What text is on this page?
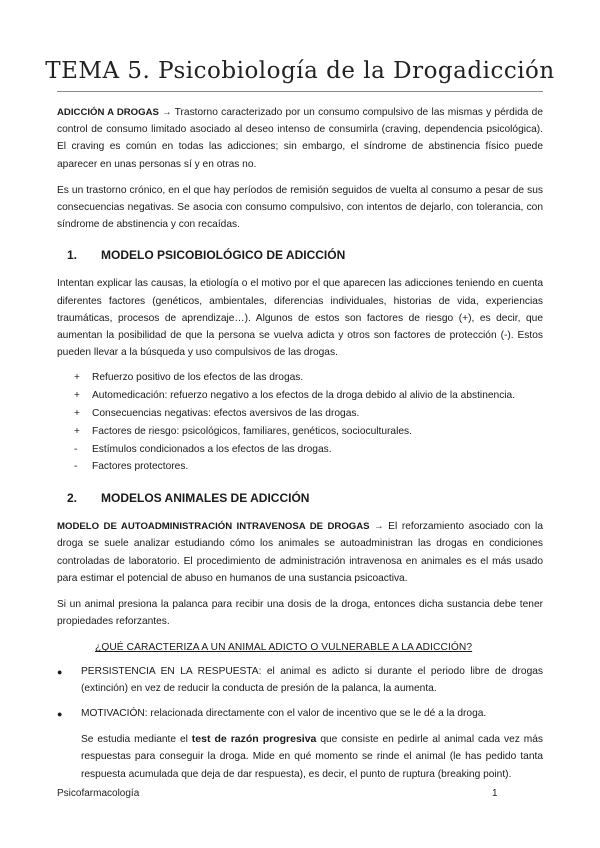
TEMA 5. Psicobiología de la Drogadicción

ADICCIÓN A DROGAS → Trastorno caracterizado por un consumo compulsivo de las mismas y pérdida de control de consumo limitado asociado al deseo intenso de consumirla (craving, dependencia psicológica). El craving es común en todas las adicciones; sin embargo, el síndrome de abstinencia físico puede aparecer en unas personas sí y en otras no.

Es un trastorno crónico, en el que hay períodos de remisión seguidos de vuelta al consumo a pesar de sus consecuencias negativas. Se asocia con consumo compulsivo, con intentos de dejarlo, con tolerancia, con síndrome de abstinencia y con recaídas.

1.	MODELO PSICOBIOLÓGICO DE ADICCIÓN

Intentan explicar las causas, la etiología o el motivo por el que aparecen las adicciones teniendo en cuenta diferentes factores (genéticos, ambientales, diferencias individuales, historias de vida, experiencias traumáticas, procesos de aprendizaje…). Algunos de estos son factores de riesgo (+), es decir, que aumentan la posibilidad de que la persona se vuelva adicta y otros son factores de protección (-). Estos pueden llevar a la búsqueda y uso compulsivos de las drogas.

+	Refuerzo positivo de los efectos de las drogas.
+	Automedicación: refuerzo negativo a los efectos de la droga debido al alivio de la abstinencia.
+	Consecuencias negativas: efectos aversivos de las drogas.
+	Factores de riesgo: psicológicos, familiares, genéticos, socioculturales.
-	Estímulos condicionados a los efectos de las drogas.
-	Factores protectores.
2.	MODELOS ANIMALES DE ADICCIÓN

MODELO DE AUTOADMINISTRACIÓN INTRAVENOSA DE DROGAS → El reforzamiento asociado con la droga se suele analizar estudiando cómo los animales se autoadministran las drogas en condiciones controladas de laboratorio. El procedimiento de administración intravenosa en animales es el más usado para estimar el potencial de abuso en humanos de una sustancia psicoactiva.

Si un animal presiona la palanca para recibir una dosis de la droga, entonces dicha sustancia debe tener propiedades reforzantes.

¿QUÉ CARACTERIZA A UN ANIMAL ADICTO O VULNERABLE A LA ADICCIÓN?

●	PERSISTENCIA EN LA RESPUESTA: el animal es adicto si durante el periodo libre de drogas (extinción) en vez de reducir la conducta de presión de la palanca, la aumenta.
●	MOTIVACIÓN: relacionada directamente con el valor de incentivo que se le dé a la droga.

Se estudia mediante el test de razón progresiva que consiste en pedirle al animal cada vez más respuestas para conseguir la droga. Mide en qué momento se rinde el animal (le has pedido tanta respuesta acumulada que deja de dar respuesta), es decir, el punto de ruptura (breaking point).

Psicofarmacología	1
